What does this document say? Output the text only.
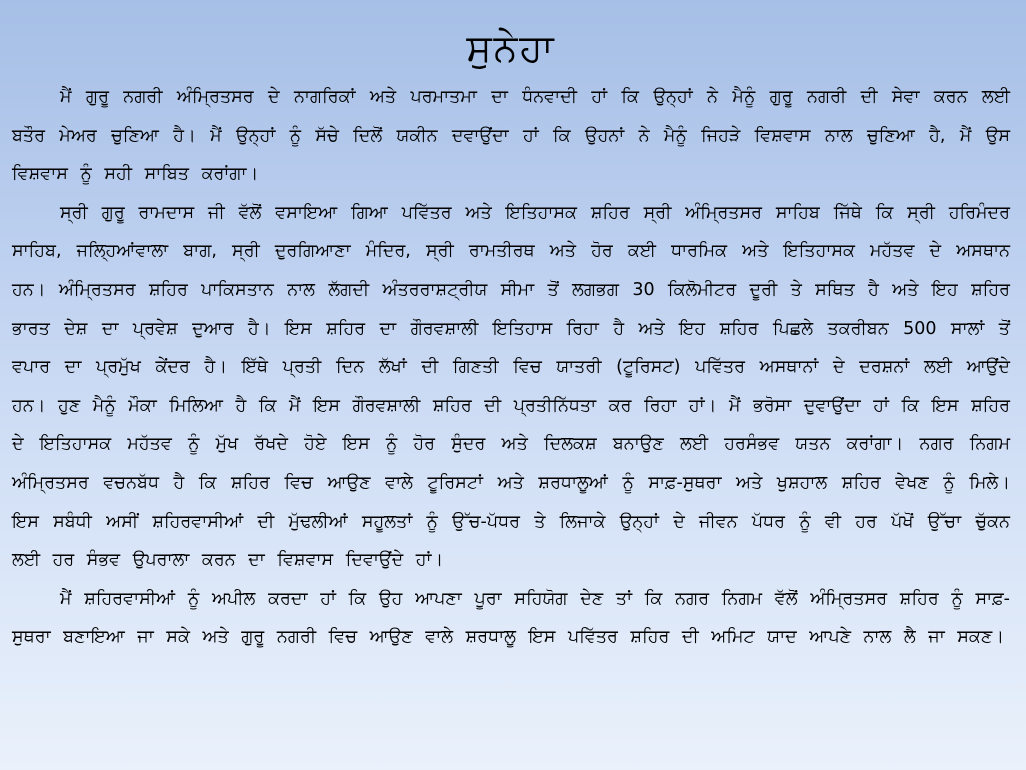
ਸੁਨੇਹਾ

ਮੈਂ ਗੁਰੂ ਨਗਰੀ ਅੰਮ੍ਰਿਤਸਰ ਦੇ ਨਾਗਰਿਕਾਂ ਅਤੇ ਪਰਮਾਤਮਾ ਦਾ ਧੰਨਵਾਦੀ ਹਾਂ ਕਿ ਉਨ੍ਹਾਂ ਨੇ ਮੈਨੂੰ ਗੁਰੂ ਨਗਰੀ ਦੀ ਸੇਵਾ ਕਰਨ ਲਈ ਬਤੌਰ ਮੇਅਰ ਚੁਣਿਆ ਹੈ। ਮੈਂ ਉਨ੍ਹਾਂ ਨੂੰ ਸੱਚੇ ਦਿਲੋਂ ਯਕੀਨ ਦਵਾਉਂਦਾ ਹਾਂ ਕਿ ਉਹਨਾਂ ਨੇ ਮੈਨੂੰ ਜਿਹੜੇ ਵਿਸ਼ਵਾਸ ਨਾਲ ਚੁਣਿਆ ਹੈ, ਮੈਂ ਉਸ ਵਿਸ਼ਵਾਸ ਨੂੰ ਸਹੀ ਸਾਬਿਤ ਕਰਾਂਗਾ।

ਸ੍ਰੀ ਗੁਰੂ ਰਾਮਦਾਸ ਜੀ ਵੱਲੋਂ ਵਸਾਇਆ ਗਿਆ ਪਵਿੱਤਰ ਅਤੇ ਇਤਿਹਾਸਕ ਸ਼ਹਿਰ ਸ੍ਰੀ ਅੰਮ੍ਰਿਤਸਰ ਸਾਹਿਬ ਜਿੱਥੇ ਕਿ ਸ੍ਰੀ ਹਰਿਮੰਦਰ ਸਾਹਿਬ, ਜਲ੍ਹਿਆਂਵਾਲਾ ਬਾਗ, ਸ੍ਰੀ ਦੁਰਗਿਆਣਾ ਮੰਦਿਰ, ਸ੍ਰੀ ਰਾਮਤੀਰਥ ਅਤੇ ਹੋਰ ਕਈ ਧਾਰਮਿਕ ਅਤੇ ਇਤਿਹਾਸਕ ਮਹੱਤਵ ਦੇ ਅਸਥਾਨ ਹਨ। ਅੰਮ੍ਰਿਤਸਰ ਸ਼ਹਿਰ ਪਾਕਿਸਤਾਨ ਨਾਲ ਲੱਗਦੀ ਅੰਤਰਰਾਸ਼ਟ੍ਰੀਯ ਸੀਮਾ ਤੋਂ ਲਗਭਗ 30 ਕਿਲੋਮੀਟਰ ਦੂਰੀ ਤੇ ਸਥਿਤ ਹੈ ਅਤੇ ਇਹ ਸ਼ਹਿਰ ਭਾਰਤ ਦੇਸ਼ ਦਾ ਪ੍ਰਵੇਸ਼ ਦੁਆਰ ਹੈ। ਇਸ ਸ਼ਹਿਰ ਦਾ ਗੌਰਵਸ਼ਾਲੀ ਇਤਿਹਾਸ ਰਿਹਾ ਹੈ ਅਤੇ ਇਹ ਸ਼ਹਿਰ ਪਿਛਲੇ ਤਕਰੀਬਨ 500 ਸਾਲਾਂ ਤੋਂ ਵਪਾਰ ਦਾ ਪ੍ਰਮੁੱਖ ਕੇਂਦਰ ਹੈ। ਇੱਥੇ ਪ੍ਰਤੀ ਦਿਨ ਲੱਖਾਂ ਦੀ ਗਿਣਤੀ ਵਿਚ ਯਾਤਰੀ (ਟੂਰਿਸਟ) ਪਵਿੱਤਰ ਅਸਥਾਨਾਂ ਦੇ ਦਰਸ਼ਨਾਂ ਲਈ ਆਉਂਦੇ ਹਨ। ਹੁਣ ਮੈਨੂੰ ਮੌਕਾ ਮਿਲਿਆ ਹੈ ਕਿ ਮੈਂ ਇਸ ਗੌਰਵਸ਼ਾਲੀ ਸ਼ਹਿਰ ਦੀ ਪ੍ਰਤੀਨਿੱਧਤਾ ਕਰ ਰਿਹਾ ਹਾਂ। ਮੈਂ ਭਰੋਸਾ ਦੁਵਾਉਂਦਾ ਹਾਂ ਕਿ ਇਸ ਸ਼ਹਿਰ ਦੇ ਇਤਿਹਾਸਕ ਮਹੱਤਵ ਨੂੰ ਮੁੱਖ ਰੱਖਦੇ ਹੋਏ ਇਸ ਨੂੰ ਹੋਰ ਸੁੰਦਰ ਅਤੇ ਦਿਲਕਸ਼ ਬਨਾਉਣ ਲਈ ਹਰਸੰਭਵ ਯਤਨ ਕਰਾਂਗਾ। ਨਗਰ ਨਿਗਮ ਅੰਮ੍ਰਿਤਸਰ ਵਚਨਬੱਧ ਹੈ ਕਿ ਸ਼ਹਿਰ ਵਿਚ ਆਉਣ ਵਾਲੇ ਟੂਰਿਸਟਾਂ ਅਤੇ ਸ਼ਰਧਾਲੂਆਂ ਨੂੰ ਸਾਫ਼-ਸੁਥਰਾ ਅਤੇ ਖੁਸ਼ਹਾਲ ਸ਼ਹਿਰ ਵੇਖਣ ਨੂੰ ਮਿਲੇ। ਇਸ ਸਬੰਧੀ ਅਸੀਂ ਸ਼ਹਿਰਵਾਸੀਆਂ ਦੀ ਮੁੱਢਲੀਆਂ ਸਹੂਲਤਾਂ ਨੂੰ ਉੱਚ-ਪੱਧਰ ਤੇ ਲਿਜਾਕੇ ਉਨ੍ਹਾਂ ਦੇ ਜੀਵਨ ਪੱਧਰ ਨੂੰ ਵੀ ਹਰ ਪੱਖੋਂ ਉੱਚਾ ਚੁੱਕਨ ਲਈ ਹਰ ਸੰਭਵ ਉਪਰਾਲਾ ਕਰਨ ਦਾ ਵਿਸ਼ਵਾਸ ਦਿਵਾਉਂਦੇ ਹਾਂ।

ਮੈਂ ਸ਼ਹਿਰਵਾਸੀਆਂ ਨੂੰ ਅਪੀਲ ਕਰਦਾ ਹਾਂ ਕਿ ਉਹ ਆਪਣਾ ਪੂਰਾ ਸਹਿਯੋਗ ਦੇਣ ਤਾਂ ਕਿ ਨਗਰ ਨਿਗਮ ਵੱਲੋਂ ਅੰਮ੍ਰਿਤਸਰ ਸ਼ਹਿਰ ਨੂੰ ਸਾਫ਼-ਸੁਥਰਾ ਬਣਾਇਆ ਜਾ ਸਕੇ ਅਤੇ ਗੁਰੂ ਨਗਰੀ ਵਿਚ ਆਉਣ ਵਾਲੇ ਸ਼ਰਧਾਲੂ ਇਸ ਪਵਿੱਤਰ ਸ਼ਹਿਰ ਦੀ ਅਮਿਟ ਯਾਦ ਆਪਣੇ ਨਾਲ ਲੈ ਜਾ ਸਕਣ।
